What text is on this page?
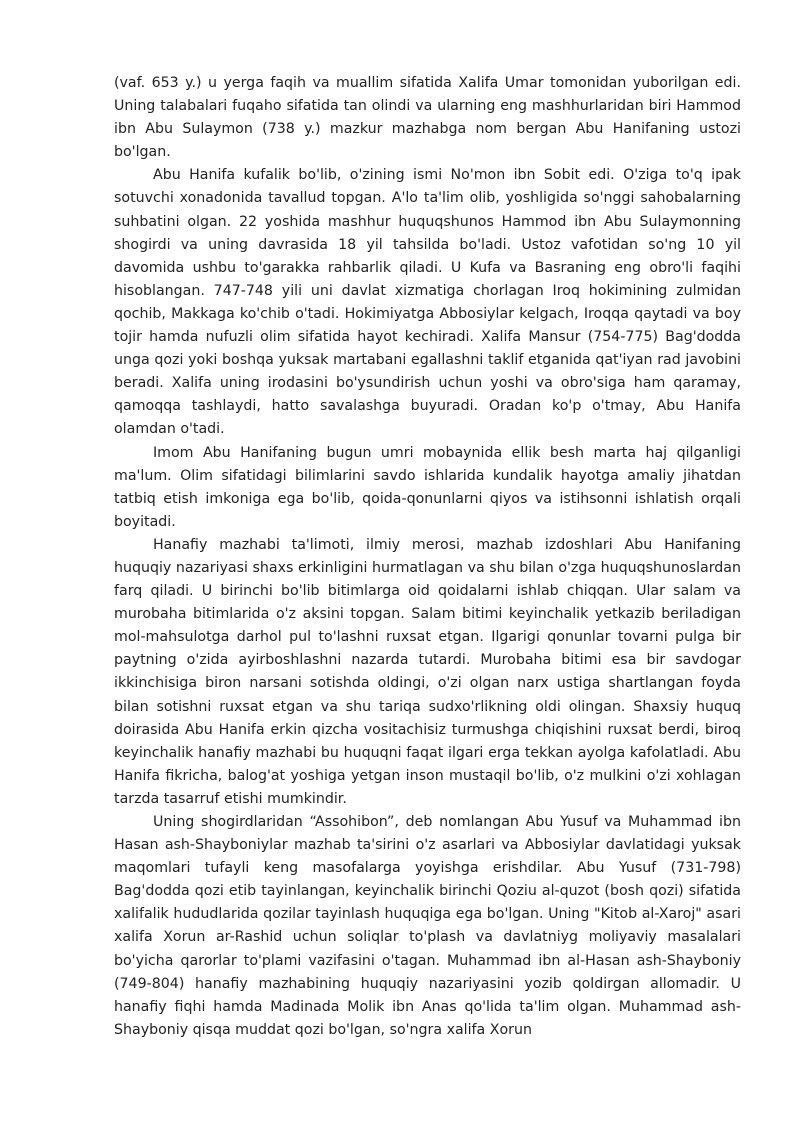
(vaf. 653 y.) u yerga faqih va muallim sifatida Xalifa Umar tomonidan yuborilgan edi. Uning talabalari fuqaho sifatida tan olindi va ularning eng mashhurlaridan biri Hammod ibn Abu Sulaymon (738 y.) mazkur mazhabga nom bergan Abu Hanifaning ustozi bo'lgan.

Abu Hanifa kufalik bo'lib, o'zining ismi No'mon ibn Sobit edi. O'ziga to'q ipak sotuvchi xonadonida tavallud topgan. A'lo ta'lim olib, yoshligida so'nggi sahobalarning suhbatini olgan. 22 yoshida mashhur huquqshunos Hammod ibn Abu Sulaymonning shogirdi va uning davrasida 18 yil tahsilda bo'ladi. Ustoz vafotidan so'ng 10 yil davomida ushbu to'garakka rahbarlik qiladi. U Kufa va Basraning eng obro'li faqihi hisoblangan. 747-748 yili uni davlat xizmatiga chorlagan Iroq hokimining zulmidan qochib, Makkaga ko'chib o'tadi. Hokimiyatga Abbosiylar kelgach, Iroqqa qaytadi va boy tojir hamda nufuzli olim sifatida hayot kechiradi. Xalifa Mansur (754-775) Bag'dodda unga qozi yoki boshqa yuksak martabani egallashni taklif etganida qat'iyan rad javobini beradi. Xalifa uning irodasini bo'ysundirish uchun yoshi va obro'siga ham qaramay, qamoqqa tashlaydi, hatto savalashga buyuradi. Oradan ko'p o'tmay, Abu Hanifa olamdan o'tadi.

Imom Abu Hanifaning bugun umri mobaynida ellik besh marta haj qilganligi ma'lum. Olim sifatidagi bilimlarini savdo ishlarida kundalik hayotga amaliy jihatdan tatbiq etish imkoniga ega bo'lib, qoida-qonunlarni qiyos va istihsonni ishlatish orqali boyitadi.

Hanafiy mazhabi ta'limoti, ilmiy merosi, mazhab izdoshlari Abu Hanifaning huquqiy nazariyasi shaxs erkinligini hurmatlagan va shu bilan o'zga huquqshunoslardan farq qiladi. U birinchi bo'lib bitimlarga oid qoidalarni ishlab chiqqan. Ular salam va murobaha bitimlarida o'z aksini topgan. Salam bitimi keyinchalik yetkazib beriladigan mol-mahsulotga darhol pul to'lashni ruxsat etgan. Ilgarigi qonunlar tovarni pulga bir paytning o'zida ayirboshlashni nazarda tutardi. Murobaha bitimi esa bir savdogar ikkinchisiga biron narsani sotishda oldingi, o'zi olgan narx ustiga shartlangan foyda bilan sotishni ruxsat etgan va shu tariqa sudxo'rlikning oldi olingan. Shaxsiy huquq doirasida Abu Hanifa erkin qizcha vositachisiz turmushga chiqishini ruxsat berdi, biroq keyinchalik hanafiy mazhabi bu huquqni faqat ilgari erga tekkan ayolga kafolatladi. Abu Hanifa fikricha, balog'at yoshiga yetgan inson mustaqil bo'lib, o'z mulkini o'zi xohlagan tarzda tasarruf etishi mumkindir.

Uning shogirdlaridan “Assohibon”, deb nomlangan Abu Yusuf va Muhammad ibn Hasan ash-Shayboniylar mazhab ta'sirini o'z asarlari va Abbosiylar davlatidagi yuksak maqomlari tufayli keng masofalarga yoyishga erishdilar. Abu Yusuf (731-798) Bag'dodda qozi etib tayinlangan, keyinchalik birinchi Qoziu al-quzot (bosh qozi) sifatida xalifalik hududlarida qozilar tayinlash huquqiga ega bo'lgan. Uning "Kitob al-Xaroj" asari xalifa Xorun ar-Rashid uchun soliqlar to'plash va davlatniyg moliyaviy masalalari bo'yicha qarorlar to'plami vazifasini o'tagan. Muhammad ibn al-Hasan ash-Shayboniy (749-804) hanafiy mazhabining huquqiy nazariyasini yozib qoldirgan allomadir. U hanafiy fiqhi hamda Madinada Molik ibn Anas qo'lida ta'lim olgan. Muhammad ash-Shayboniy qisqa muddat qozi bo'lgan, so'ngra xalifa Xorun
